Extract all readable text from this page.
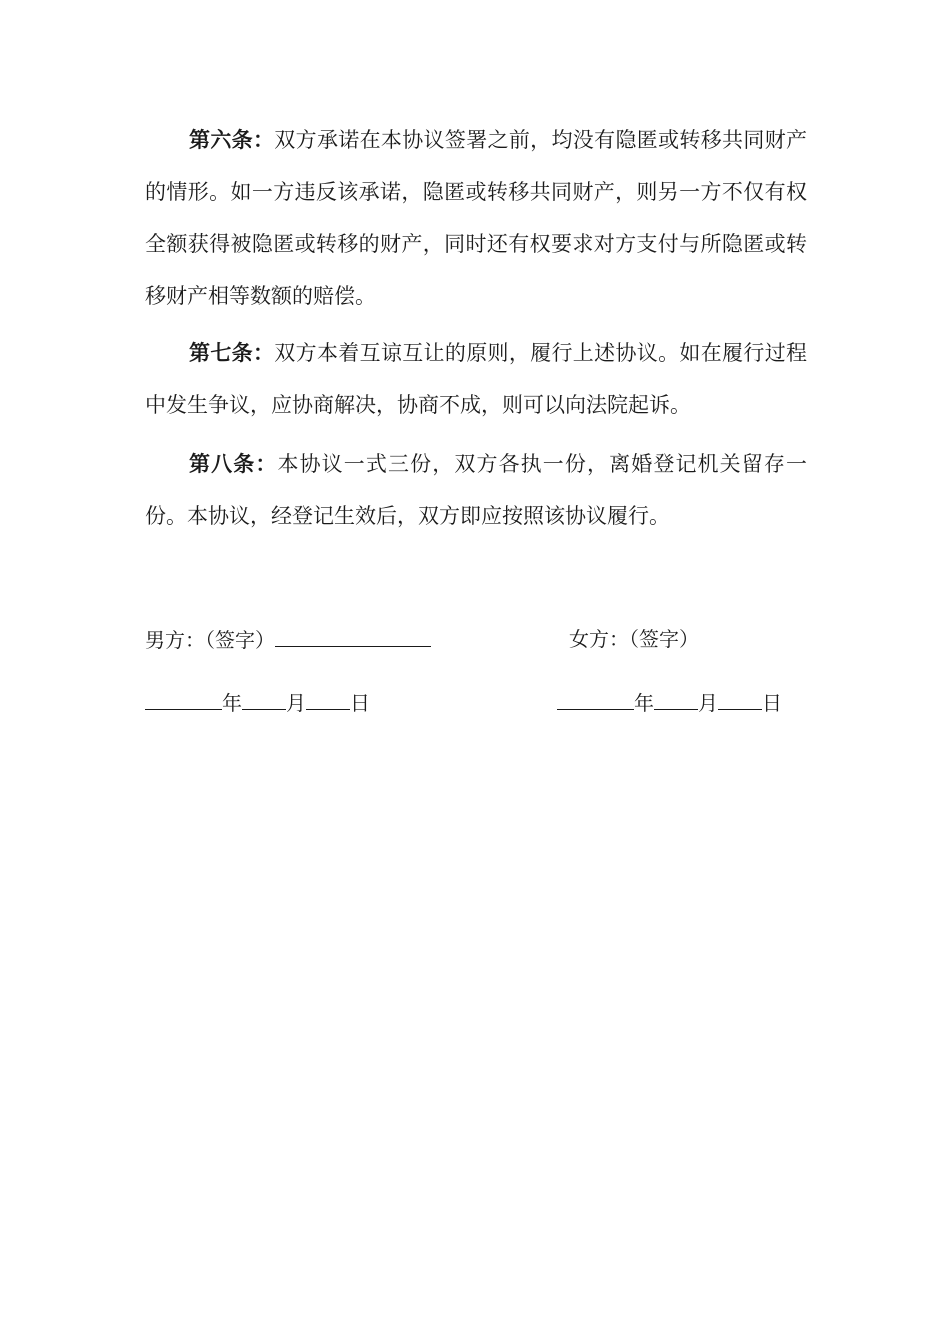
第六条：双方承诺在本协议签署之前，均没有隐匿或转移共同财产的情形。如一方违反该承诺，隐匿或转移共同财产，则另一方不仅有权全额获得被隐匿或转移的财产，同时还有权要求对方支付与所隐匿或转移财产相等数额的赔偿。

第七条：双方本着互谅互让的原则，履行上述协议。如在履行过程中发生争议，应协商解决，协商不成，则可以向法院起诉。

第八条：本协议一式三份，双方各执一份，离婚登记机关留存一份。本协议，经登记生效后，双方即应按照该协议履行。

男方：（签字）	女方：（签字）
年 月 日	年 月 日
